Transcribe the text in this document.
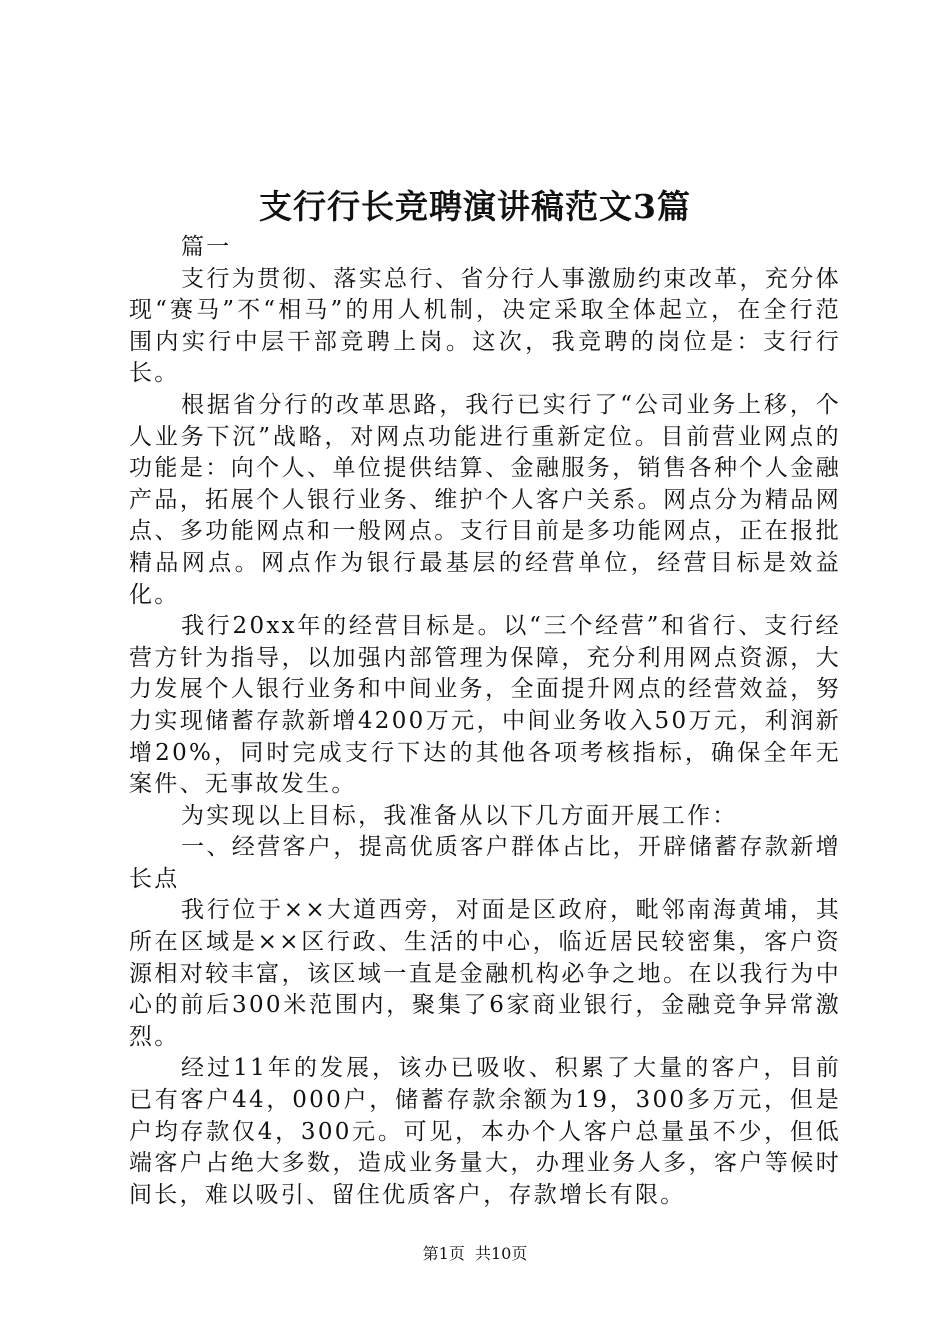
支行行长竞聘演讲稿范文3篇

篇一

支行为贯彻、落实总行、省分行人事激励约束改革，充分体现“赛马”不“相马”的用人机制，决定采取全体起立，在全行范围内实行中层干部竞聘上岗。这次，我竞聘的岗位是：支行行长。

根据省分行的改革思路，我行已实行了“公司业务上移，个人业务下沉”战略，对网点功能进行重新定位。目前营业网点的功能是：向个人、单位提供结算、金融服务，销售各种个人金融产品，拓展个人银行业务、维护个人客户关系。网点分为精品网点、多功能网点和一般网点。支行目前是多功能网点，正在报批精品网点。网点作为银行最基层的经营单位，经营目标是效益化。

我行20xx年的经营目标是。以“三个经营”和省行、支行经营方针为指导，以加强内部管理为保障，充分利用网点资源，大力发展个人银行业务和中间业务，全面提升网点的经营效益，努力实现储蓄存款新增4200万元，中间业务收入50万元，利润新增20%，同时完成支行下达的其他各项考核指标，确保全年无案件、无事故发生。

为实现以上目标，我准备从以下几方面开展工作：

一、经营客户，提高优质客户群体占比，开辟储蓄存款新增长点

我行位于××大道西旁，对面是区政府，毗邻南海黄埔，其所在区域是××区行政、生活的中心，临近居民较密集，客户资源相对较丰富，该区域一直是金融机构必争之地。在以我行为中心的前后300米范围内，聚集了6家商业银行，金融竞争异常激烈。

经过11年的发展，该办已吸收、积累了大量的客户，目前已有客户44，000户，储蓄存款余额为19，300多万元，但是户均存款仅4，300元。可见，本办个人客户总量虽不少，但低端客户占绝大多数，造成业务量大，办理业务人多，客户等候时间长，难以吸引、留住优质客户，存款增长有限。

第1页  共10页
